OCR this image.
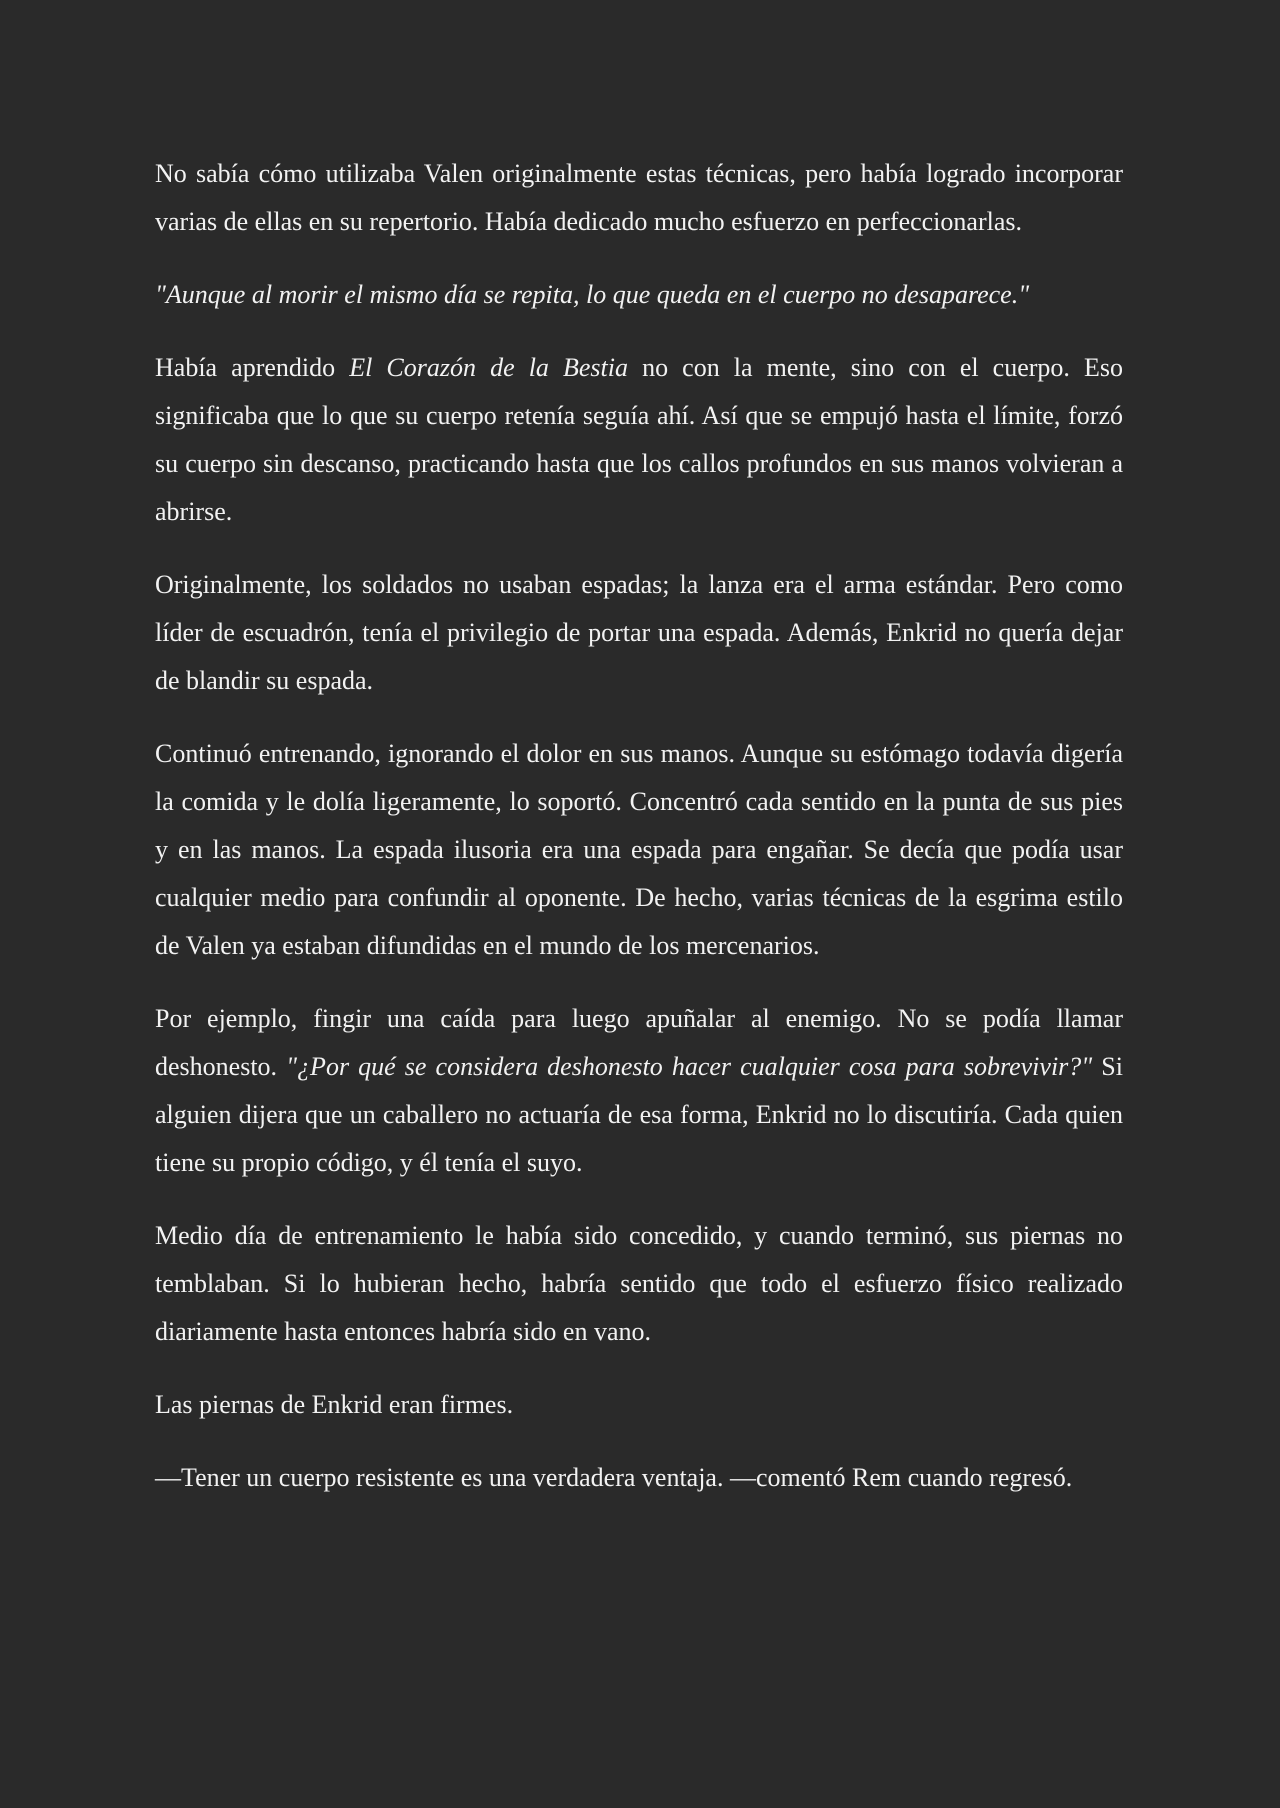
No sabía cómo utilizaba Valen originalmente estas técnicas, pero había logrado incorporar varias de ellas en su repertorio. Había dedicado mucho esfuerzo en perfeccionarlas.

"Aunque al morir el mismo día se repita, lo que queda en el cuerpo no desaparece."

Había aprendido El Corazón de la Bestia no con la mente, sino con el cuerpo. Eso significaba que lo que su cuerpo retenía seguía ahí. Así que se empujó hasta el límite, forzó su cuerpo sin descanso, practicando hasta que los callos profundos en sus manos volvieran a abrirse.

Originalmente, los soldados no usaban espadas; la lanza era el arma estándar. Pero como líder de escuadrón, tenía el privilegio de portar una espada. Además, Enkrid no quería dejar de blandir su espada.

Continuó entrenando, ignorando el dolor en sus manos. Aunque su estómago todavía digería la comida y le dolía ligeramente, lo soportó. Concentró cada sentido en la punta de sus pies y en las manos. La espada ilusoria era una espada para engañar. Se decía que podía usar cualquier medio para confundir al oponente. De hecho, varias técnicas de la esgrima estilo de Valen ya estaban difundidas en el mundo de los mercenarios.

Por ejemplo, fingir una caída para luego apuñalar al enemigo. No se podía llamar deshonesto. "¿Por qué se considera deshonesto hacer cualquier cosa para sobrevivir?" Si alguien dijera que un caballero no actuaría de esa forma, Enkrid no lo discutiría. Cada quien tiene su propio código, y él tenía el suyo.

Medio día de entrenamiento le había sido concedido, y cuando terminó, sus piernas no temblaban. Si lo hubieran hecho, habría sentido que todo el esfuerzo físico realizado diariamente hasta entonces habría sido en vano.

Las piernas de Enkrid eran firmes.

—Tener un cuerpo resistente es una verdadera ventaja. —comentó Rem cuando regresó.
